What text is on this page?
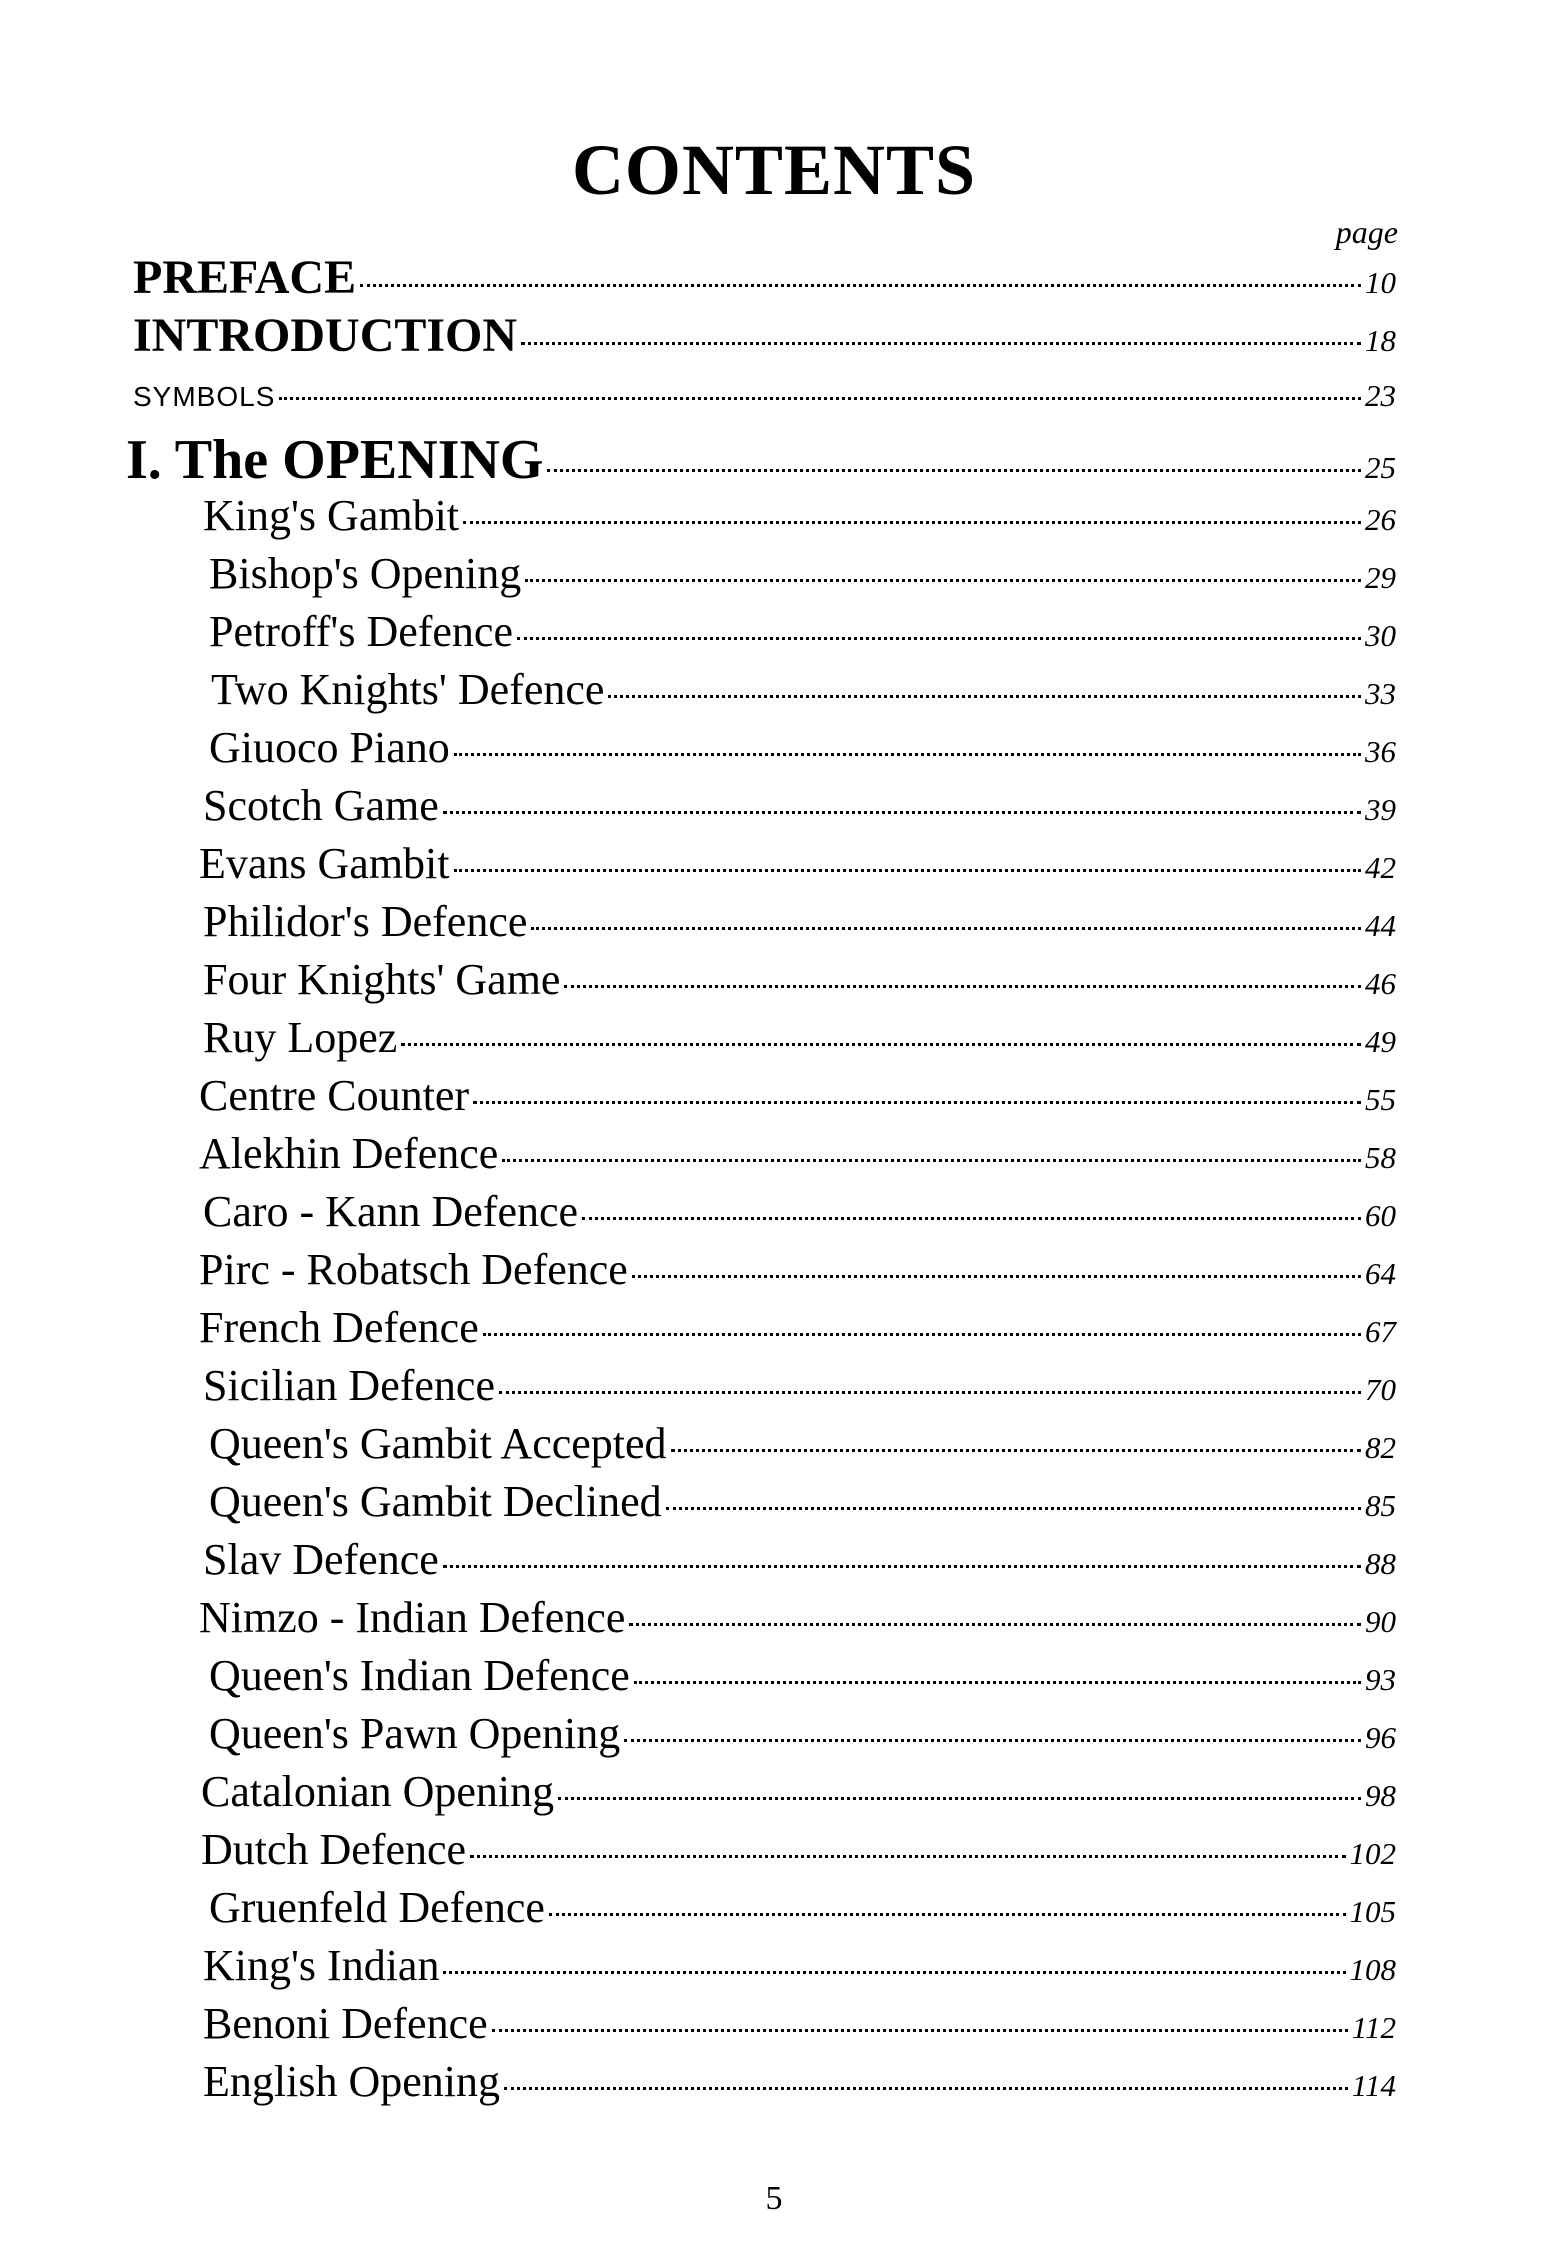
CONTENTS
page
PREFACE	10
INTRODUCTION	18
SYMBOLS	23
I. The OPENING	25
King's Gambit	26
Bishop's Opening	29
Petroff's Defence	30
Two Knights' Defence	33
Giuoco Piano	36
Scotch Game	39
Evans Gambit	42
Philidor's Defence	44
Four Knights' Game	46
Ruy Lopez	49
Centre Counter	55
Alekhin Defence	58
Caro - Kann Defence	60
Pirc - Robatsch Defence	64
French Defence	67
Sicilian Defence	70
Queen's Gambit Accepted	82
Queen's Gambit Declined	85
Slav Defence	88
Nimzo - Indian Defence	90
Queen's Indian Defence	93
Queen's Pawn Opening	96
Catalonian Opening	98
Dutch Defence	102
Gruenfeld Defence	105
King's Indian	108
Benoni Defence	112
English Opening	114
5
